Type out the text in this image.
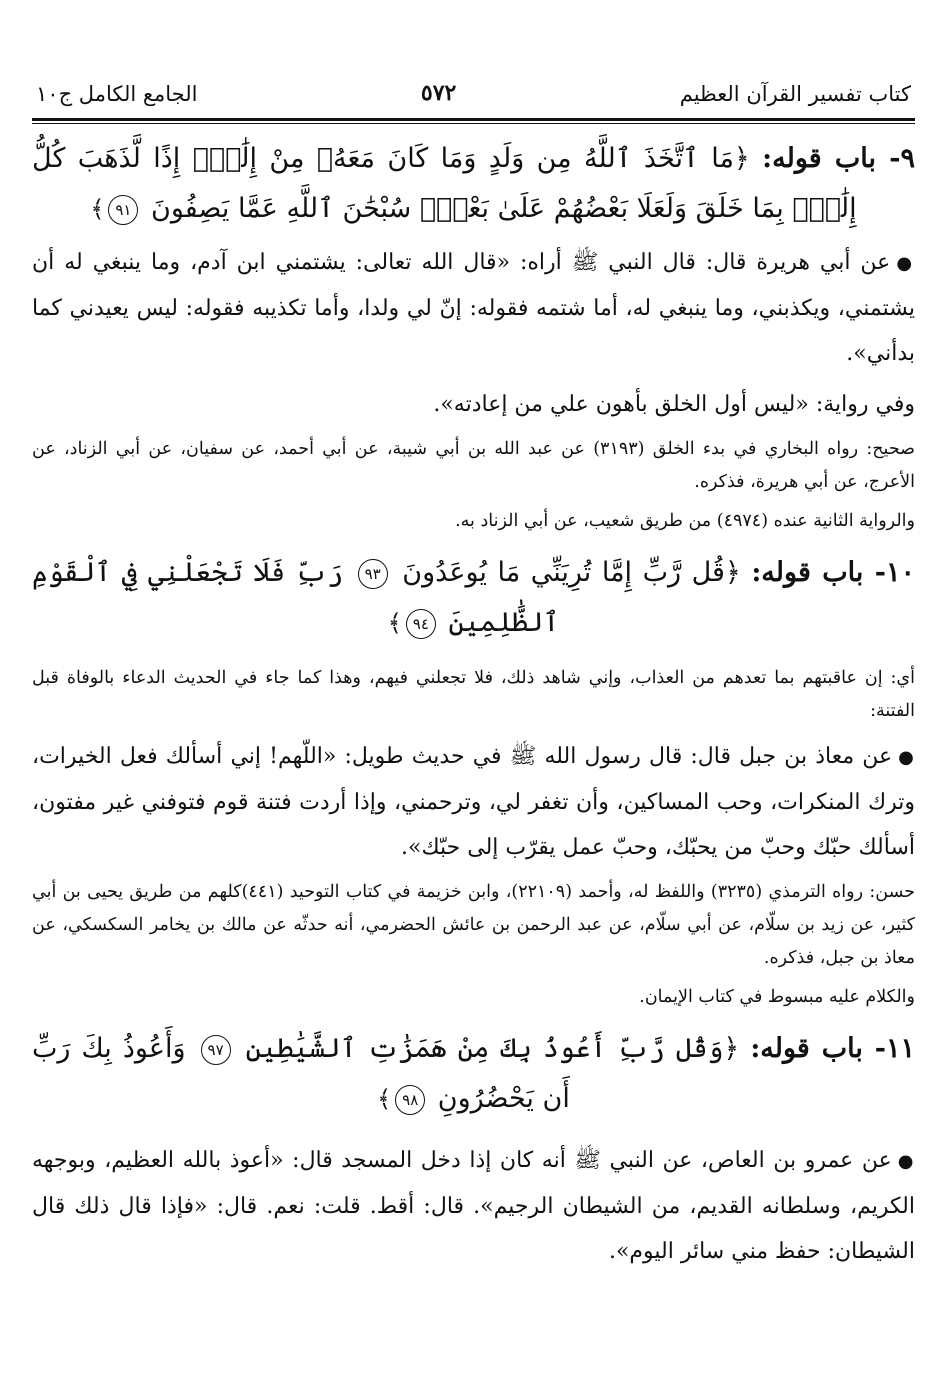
كتاب تفسير القرآن العظيم
٥٧٢
الجامع الكامل ج١٠
٩- باب قوله: ﴿مَا ٱتَّخَذَ ٱللَّهُ مِن وَلَدٍ وَمَا كَانَ مَعَهُۥ مِنْ إِلَٰهٍۚ إِذًا لَّذَهَبَ كُلُّ إِلَٰهِۭ بِمَا خَلَقَ وَلَعَلَا بَعْضُهُمْ عَلَىٰ بَعْضٍۚ سُبْحَٰنَ ٱللَّهِ عَمَّا يَصِفُونَ ٩١﴾

●عن أبي هريرة قال: قال النبي ﷺ أراه: «قال الله تعالى: يشتمني ابن آدم، وما ينبغي له أن يشتمني، ويكذبني، وما ينبغي له، أما شتمه فقوله: إنّ لي ولدا، وأما تكذيبه فقوله: ليس يعيدني كما بدأني».

وفي رواية: «ليس أول الخلق بأهون علي من إعادته».

صحيح: رواه البخاري في بدء الخلق (٣١٩٣) عن عبد الله بن أبي شيبة، عن أبي أحمد، عن سفيان، عن أبي الزناد، عن الأعرج، عن أبي هريرة، فذكره.

والرواية الثانية عنده (٤٩٧٤) من طريق شعيب، عن أبي الزناد به.

١٠- باب قوله: ﴿قُل رَّبِّ إِمَّا تُرِيَنِّي مَا يُوعَدُونَ ٩٣ رَبِّ فَلَا تَجْعَلْنِي فِي ٱلْقَوْمِ ٱلظَّٰلِمِينَ ٩٤﴾

أي: إن عاقبتهم بما تعدهم من العذاب، وإني شاهد ذلك، فلا تجعلني فيهم، وهذا كما جاء في الحديث الدعاء بالوفاة قبل الفتنة:

●عن معاذ بن جبل قال: قال رسول الله ﷺ في حديث طويل: «اللّهم! إني أسألك فعل الخيرات، وترك المنكرات، وحب المساكين، وأن تغفر لي، وترحمني، وإذا أردت فتنة قوم فتوفني غير مفتون، أسألك حبّك وحبّ من يحبّك، وحبّ عمل يقرّب إلى حبّك».

حسن: رواه الترمذي (٣٢٣٥) واللفظ له، وأحمد (٢٢١٠٩)، وابن خزيمة في كتاب التوحيد (٤٤١)كلهم من طريق يحيى بن أبي كثير، عن زيد بن سلّام، عن أبي سلّام، عن عبد الرحمن بن عائش الحضرمي، أنه حدثّه عن مالك بن يخامر السكسكي، عن معاذ بن جبل، فذكره.

والكلام عليه مبسوط في كتاب الإيمان.

١١- باب قوله: ﴿وَقُل رَّبِّ أَعُوذُ بِكَ مِنْ هَمَزَٰتِ ٱلشَّيَٰطِينِ ٩٧ وَأَعُوذُ بِكَ رَبِّ أَن يَحْضُرُونِ ٩٨﴾

●عن عمرو بن العاص، عن النبي ﷺ أنه كان إذا دخل المسجد قال: «أعوذ بالله العظيم، وبوجهه الكريم، وسلطانه القديم، من الشيطان الرجيم». قال: أقط. قلت: نعم. قال: «فإذا قال ذلك قال الشيطان: حفظ مني سائر اليوم».
